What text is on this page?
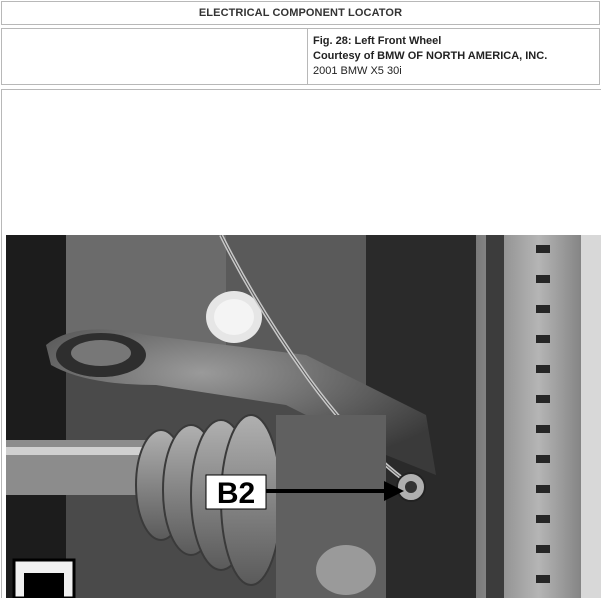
ELECTRICAL COMPONENT LOCATOR
Fig. 28: Left Front Wheel
Courtesy of BMW OF NORTH AMERICA, INC.
2001 BMW X5 30i
B2
